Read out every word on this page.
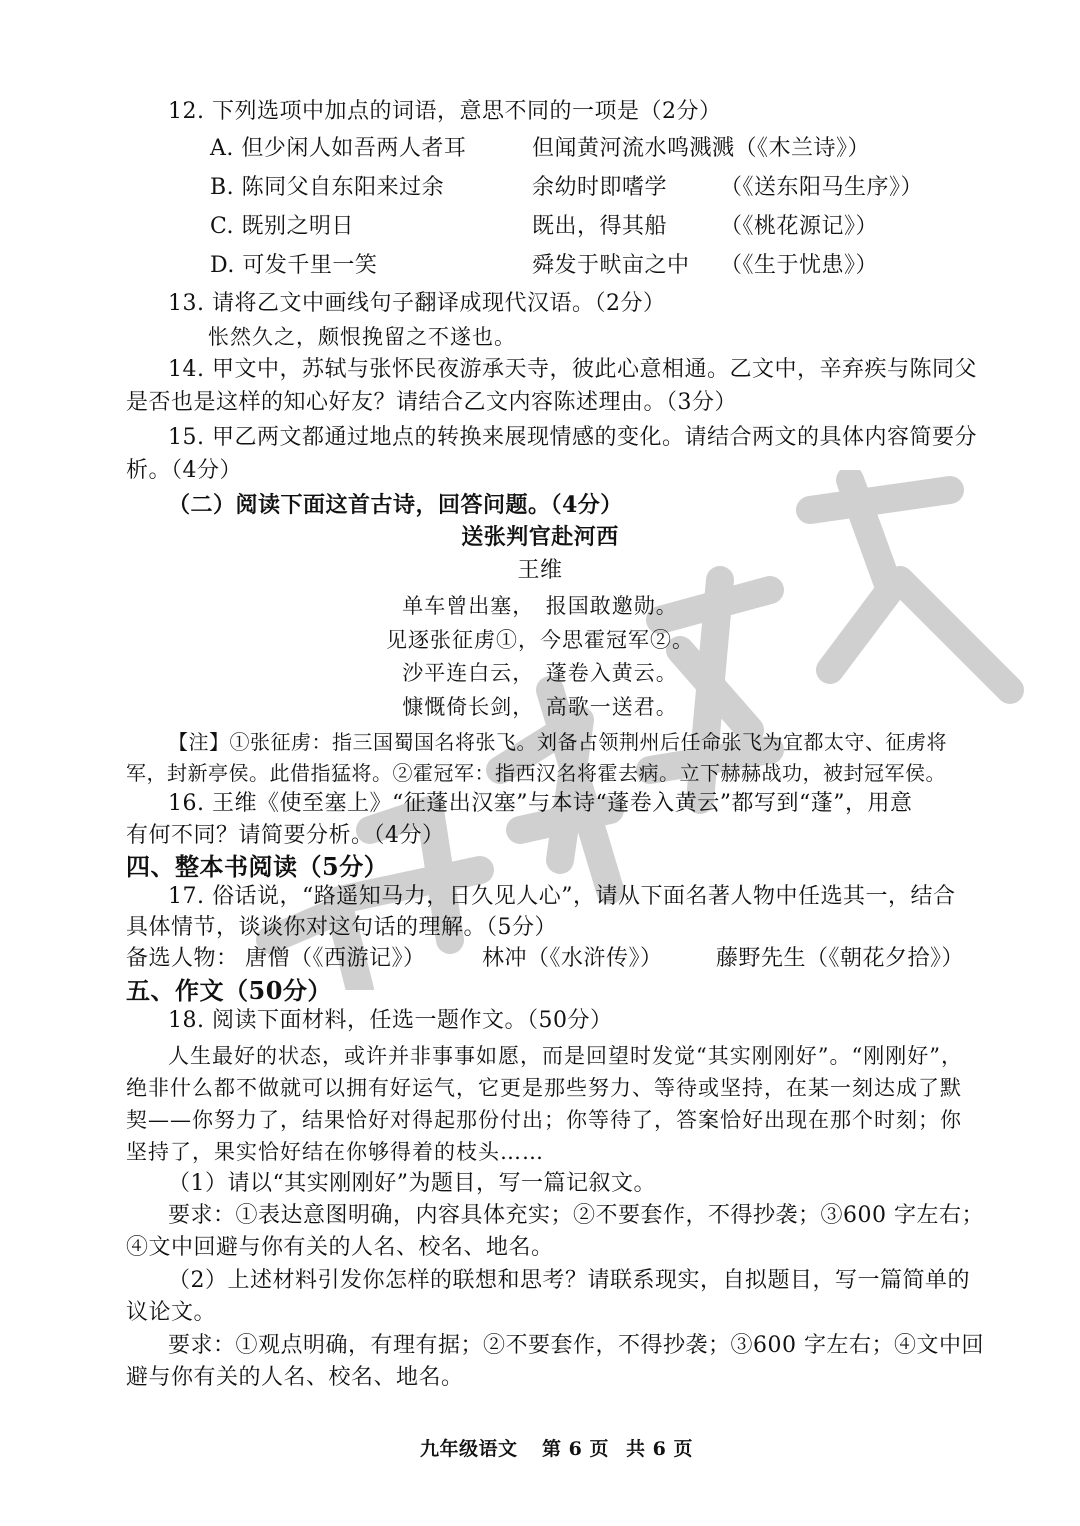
12. 下列选项中加点的词语，意思不同的一项是（2分）
A. 但少闲人如吾两人者耳	但闻黄河流水鸣溅溅（《木兰诗》）
B. 陈同父自东阳来过余	余幼时即嗜学 （《送东阳马生序》）
C. 既别之明日	既出，得其船 （《桃花源记》）
D. 可发千里一笑	舜发于畎亩之中 （《生于忧患》）
13. 请将乙文中画线句子翻译成现代汉语。（2分）
怅然久之，颇恨挽留之不遂也。
14. 甲文中，苏轼与张怀民夜游承天寺，彼此心意相通。乙文中，辛弃疾与陈同父
是否也是这样的知心好友？请结合乙文内容陈述理由。（3分）
15. 甲乙两文都通过地点的转换来展现情感的变化。请结合两文的具体内容简要分
析。（4分）
（二）阅读下面这首古诗，回答问题。（4分）
送张判官赴河西
王维
单车曾出塞，　报国敢邀勋。
见逐张征虏①，今思霍冠军②。
沙平连白云，　蓬卷入黄云。
慷慨倚长剑，　高歌一送君。
【注】①张征虏：指三国蜀国名将张飞。刘备占领荆州后任命张飞为宜都太守、征虏将
军，封新亭侯。此借指猛将。②霍冠军：指西汉名将霍去病。立下赫赫战功，被封冠军侯。
16. 王维《使至塞上》“征蓬出汉塞”与本诗“蓬卷入黄云”都写到“蓬”，用意
有何不同？请简要分析。（4分）
四、整本书阅读（5分）
17. 俗话说，“路遥知马力，日久见人心”，请从下面名著人物中任选其一，结合
具体情节，谈谈你对这句话的理解。（5分）
备选人物： 唐僧（《西游记》）	林冲（《水浒传》） 藤野先生（《朝花夕拾》）
五、作文（50分）
18. 阅读下面材料，任选一题作文。（50分）
人生最好的状态，或许并非事事如愿，而是回望时发觉“其实刚刚好”。“刚刚好”，
绝非什么都不做就可以拥有好运气，它更是那些努力、等待或坚持，在某一刻达成了默
契——你努力了，结果恰好对得起那份付出；你等待了，答案恰好出现在那个时刻；你
坚持了，果实恰好结在你够得着的枝头……
（1）请以“其实刚刚好”为题目，写一篇记叙文。
要求：①表达意图明确，内容具体充实；②不要套作，不得抄袭；③600 字左右；
④文中回避与你有关的人名、校名、地名。
（2）上述材料引发你怎样的联想和思考？请联系现实，自拟题目，写一篇简单的
议论文。
要求：①观点明确，有理有据；②不要套作，不得抄袭；③600 字左右；④文中回
避与你有关的人名、校名、地名。
九年级语文 第 6 页 共 6 页
